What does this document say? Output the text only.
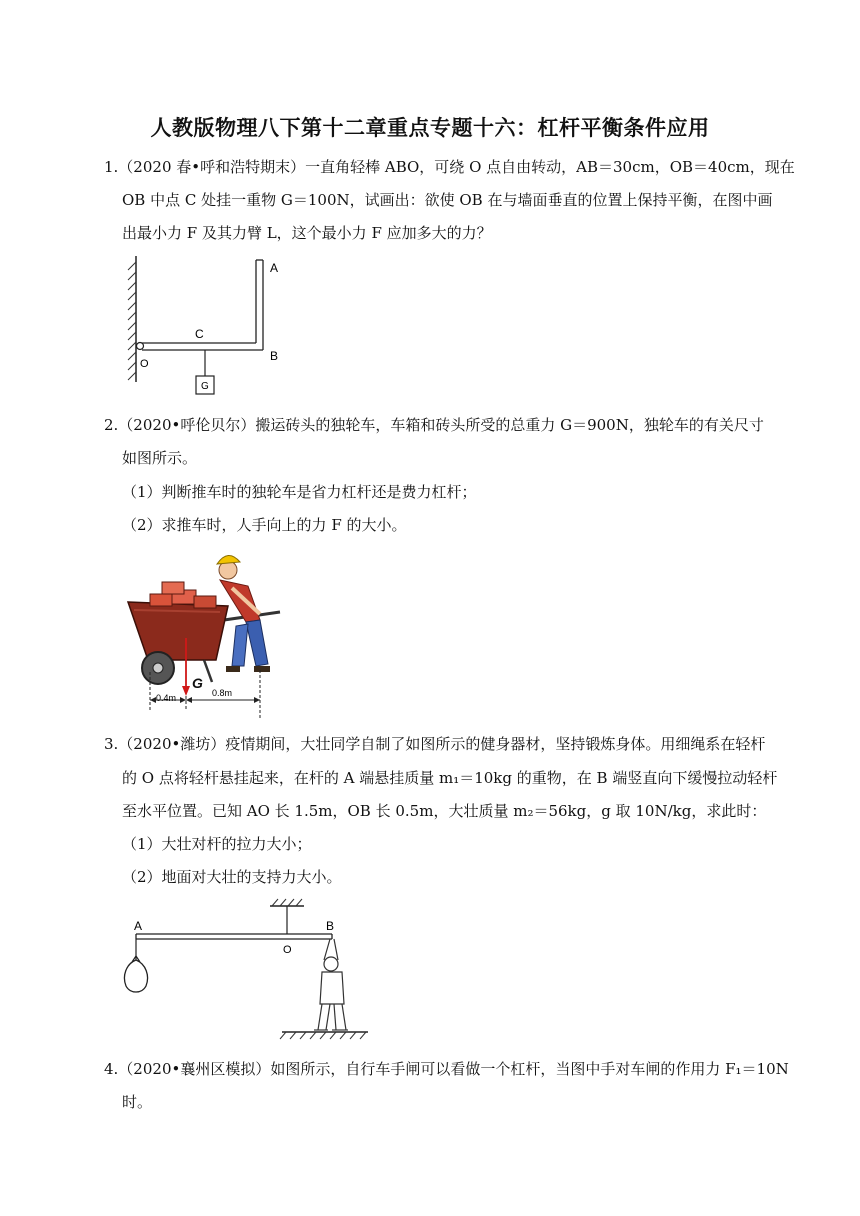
人教版物理八下第十二章重点专题十六：杠杆平衡条件应用
1.（2020 春•呼和浩特期末）一直角轻棒 ABO，可绕 O 点自由转动，AB＝30cm，OB＝40cm，现在
OB 中点 C 处挂一重物 G＝100N，试画出：欲使 OB 在与墙面垂直的位置上保持平衡，在图中画
出最小力 F 及其力臂 L，这个最小力 F 应加多大的力？
A
B
C
O
G
2.（2020•呼伦贝尔）搬运砖头的独轮车，车箱和砖头所受的总重力 G＝900N，独轮车的有关尺寸
如图所示。
（1）判断推车时的独轮车是省力杠杆还是费力杠杆；
（2）求推车时，人手向上的力 F 的大小。
G
0.4m	0.8m
3.（2020•潍坊）疫情期间，大壮同学自制了如图所示的健身器材，坚持锻炼身体。用细绳系在轻杆
的 O 点将轻杆悬挂起来，在杆的 A 端悬挂质量 m₁＝10kg 的重物，在 B 端竖直向下缓慢拉动轻杆
至水平位置。已知 AO 长 1.5m，OB 长 0.5m，大壮质量 m₂＝56kg，g 取 10N/kg，求此时：
（1）大壮对杆的拉力大小；
（2）地面对大壮的支持力大小。
A	B
O
4.（2020•襄州区模拟）如图所示，自行车手闸可以看做一个杠杆，当图中手对车闸的作用力 F₁＝10N
时。
